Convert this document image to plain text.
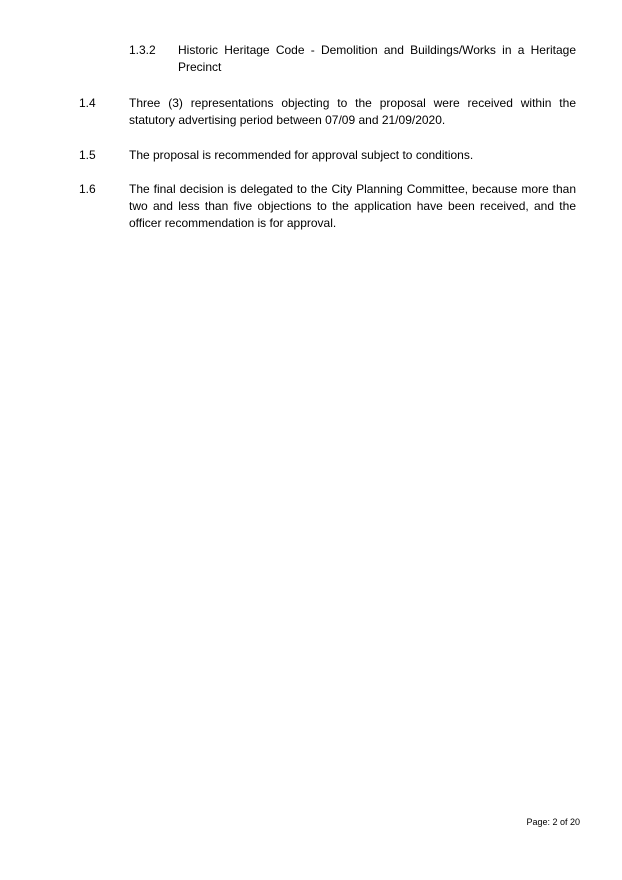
1.3.2 Historic Heritage Code - Demolition and Buildings/Works in a Heritage Precinct
1.4	Three (3) representations objecting to the proposal were received within the statutory advertising period between 07/09 and 21/09/2020.
1.5	The proposal is recommended for approval subject to conditions.
1.6	The final decision is delegated to the City Planning Committee, because more than two and less than five objections to the application have been received, and the officer recommendation is for approval.
Page: 2 of 20
